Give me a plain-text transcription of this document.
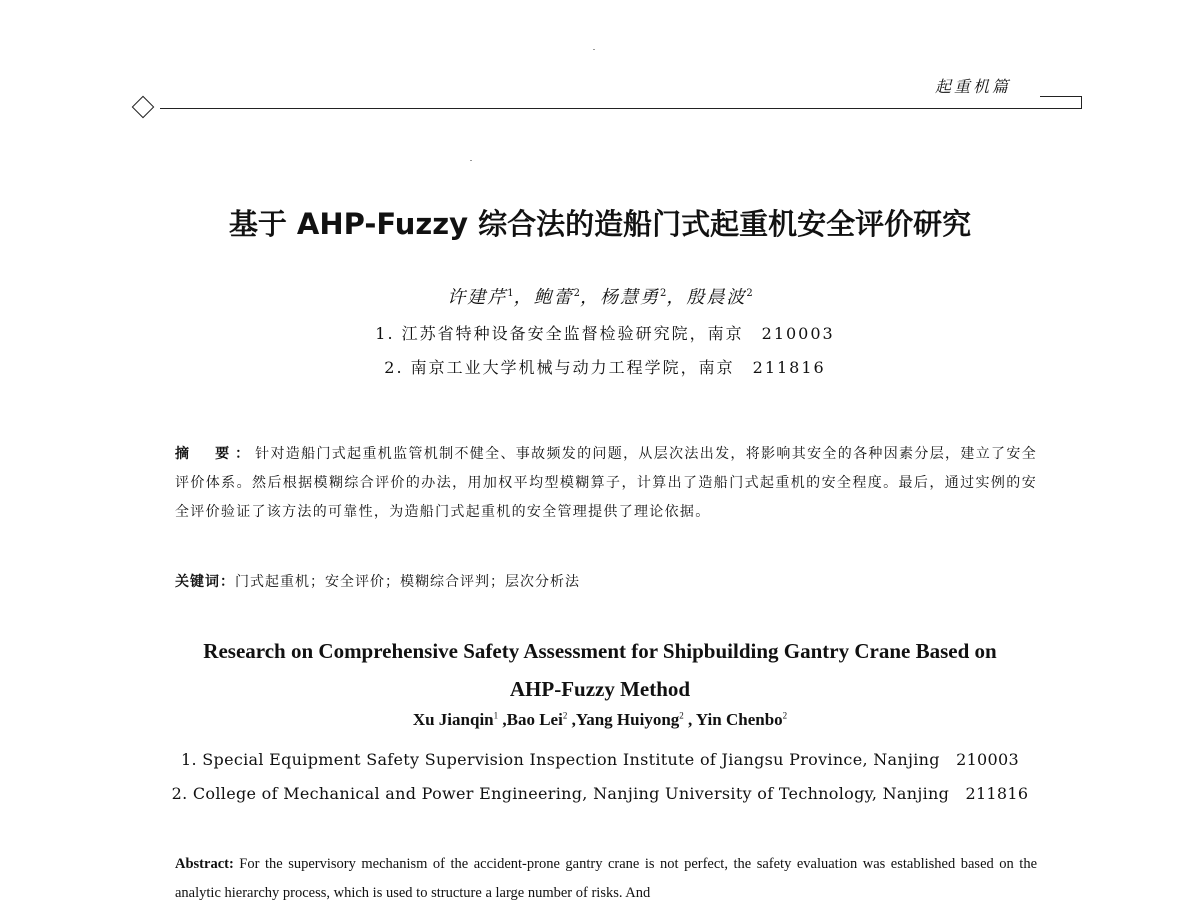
起重机篇
基于 AHP-Fuzzy 综合法的造船门式起重机安全评价研究
许建芹$^1$，鲍蕾$^2$，杨慧勇$^2$，殷晨波$^2$
1. 江苏省特种设备安全监督检验研究院，南京　210003
2. 南京工业大学机械与动力工程学院，南京　211816
摘　要：针对造船门式起重机监管机制不健全、事故频发的问题，从层次法出发，将影响其安全的各种因素分层，建立了安全评价体系。然后根据模糊综合评价的办法，用加权平均型模糊算子，计算出了造船门式起重机的安全程度。最后，通过实例的安全评价验证了该方法的可靠性，为造船门式起重机的安全管理提供了理论依据。
关键词：门式起重机；安全评价；模糊综合评判；层次分析法
Research on Comprehensive Safety Assessment for Shipbuilding Gantry Crane Based on
AHP-Fuzzy Method
Xu Jianqin$^1$ ,Bao Lei$^2$ ,Yang Huiyong$^2$ , Yin Chenbo$^2$
1. Special Equipment Safety Supervision Inspection Institute of Jiangsu Province, Nanjing　210003
2. College of Mechanical and Power Engineering, Nanjing University of Technology, Nanjing　211816
Abstract: For the supervisory mechanism of the accident-prone gantry crane is not perfect, the safety evaluation was established based on the analytic hierarchy process, which is used to structure a large number of risks. And
